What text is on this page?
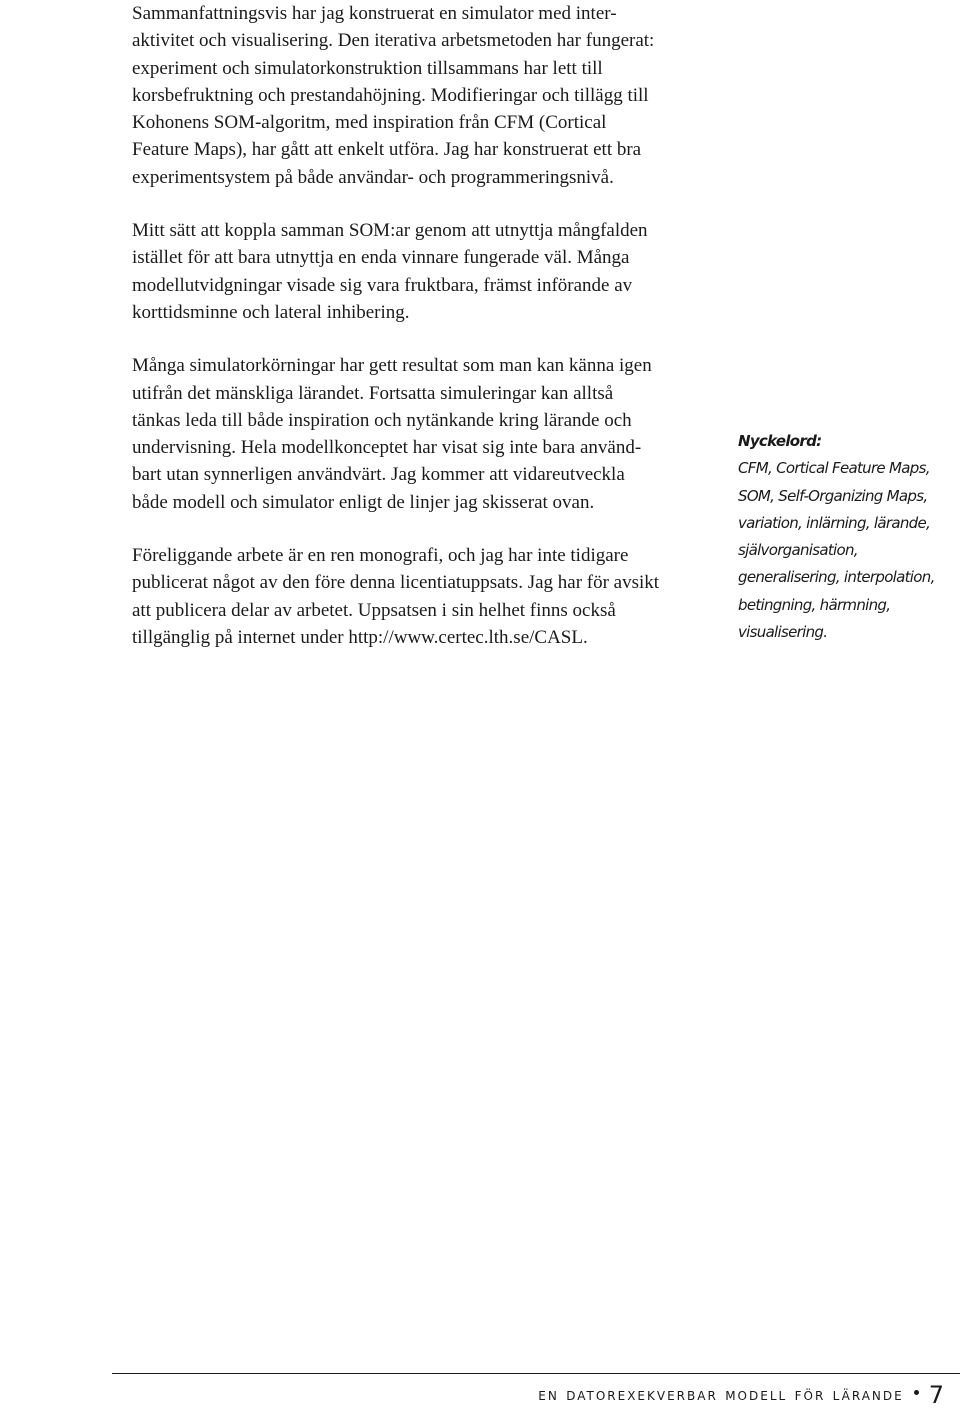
Sammanfattningsvis har jag konstruerat en simulator med inter-
aktivitet och visualisering. Den iterativa arbetsmetoden har fungerat:
experiment och simulatorkonstruktion tillsammans har lett till
korsbefruktning och prestandahöjning. Modifieringar och tillägg till
Kohonens SOM-algoritm, med inspiration från CFM (Cortical
Feature Maps), har gått att enkelt utföra. Jag har konstruerat ett bra
experimentsystem på både användar- och programmeringsnivå.
Mitt sätt att koppla samman SOM:ar genom att utnyttja mångfalden
istället för att bara utnyttja en enda vinnare fungerade väl. Många
modellutvidgningar visade sig vara fruktbara, främst införande av
korttidsminne och lateral inhibering.
Många simulatorkörningar har gett resultat som man kan känna igen
utifrån det mänskliga lärandet. Fortsatta simuleringar kan alltså
tänkas leda till både inspiration och nytänkande kring lärande och
undervisning. Hela modellkonceptet har visat sig inte bara använd-
bart utan synnerligen användvärt. Jag kommer att vidareutveckla
både modell och simulator enligt de linjer jag skisserat ovan.
Föreliggande arbete är en ren monografi, och jag har inte tidigare
publicerat något av den före denna licentiatuppsats. Jag har för avsikt
att publicera delar av arbetet. Uppsatsen i sin helhet finns också
tillgänglig på internet under http://www.certec.lth.se/CASL.
Nyckelord:
CFM, Cortical Feature Maps,
SOM, Self-Organizing Maps,
variation, inlärning, lärande,
självorganisation,
generalisering, interpolation,
betingning, härmning,
visualisering.
en datorexekverbar modell för lärande 7
